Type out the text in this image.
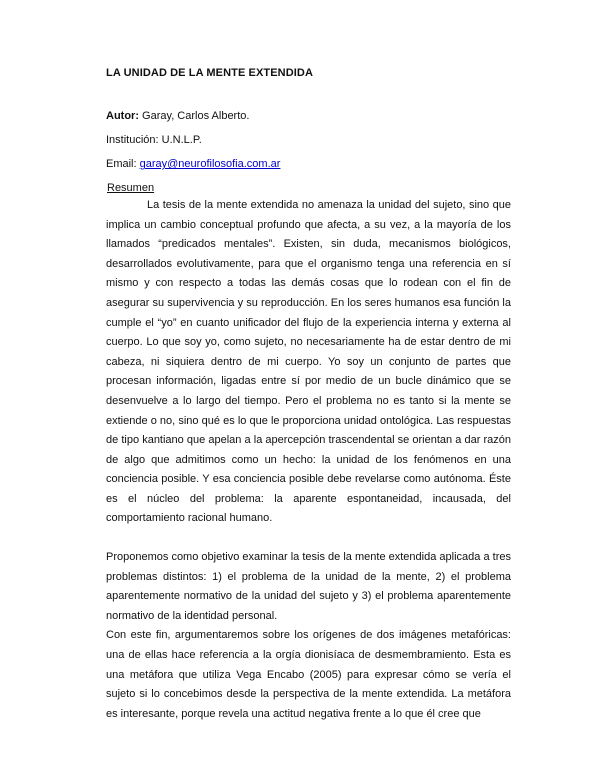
LA UNIDAD DE LA MENTE EXTENDIDA
Autor: Garay, Carlos Alberto.
Institución: U.N.L.P.
Email: garay@neurofilosofia.com.ar
Resumen

La tesis de la mente extendida no amenaza la unidad del sujeto, sino que implica un cambio conceptual profundo que afecta, a su vez, a la mayoría de los llamados “predicados mentales”. Existen, sin duda, mecanismos biológicos, desarrollados evolutivamente, para que el organismo tenga una referencia en sí mismo y con respecto a todas las demás cosas que lo rodean con el fin de asegurar su supervivencia y su reproducción. En los seres humanos esa función la cumple el “yo” en cuanto unificador del flujo de la experiencia interna y externa al cuerpo. Lo que soy yo, como sujeto, no necesariamente ha de estar dentro de mi cabeza, ni siquiera dentro de mi cuerpo. Yo soy un conjunto de partes que procesan información, ligadas entre sí por medio de un bucle dinámico que se desenvuelve a lo largo del tiempo. Pero el problema no es tanto si la mente se extiende o no, sino qué es lo que le proporciona unidad ontológica. Las respuestas de tipo kantiano que apelan a la apercepción trascendental se orientan a dar razón de algo que admitimos como un hecho: la unidad de los fenómenos en una conciencia posible. Y esa conciencia posible debe revelarse como autónoma. Éste es el núcleo del problema: la aparente espontaneidad, incausada, del comportamiento racional humano.

Proponemos como objetivo examinar la tesis de la mente extendida aplicada a tres problemas distintos: 1) el problema de la unidad de la mente, 2) el problema aparentemente normativo de la unidad del sujeto y 3) el problema aparentemente normativo de la identidad personal.

Con este fin, argumentaremos sobre los orígenes de dos imágenes metafóricas: una de ellas hace referencia a la orgía dionisíaca de desmembramiento. Esta es una metáfora que utiliza Vega Encabo (2005) para expresar cómo se vería el sujeto si lo concebimos desde la perspectiva de la mente extendida. La metáfora es interesante, porque revela una actitud negativa frente a lo que él cree que
